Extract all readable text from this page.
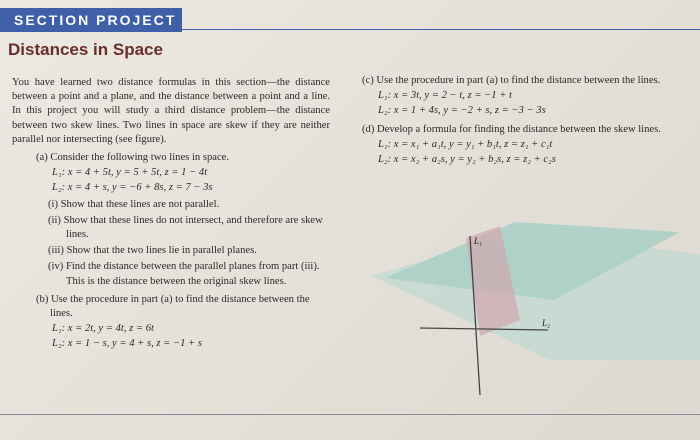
SECTION PROJECT
Distances in Space

You have learned two distance formulas in this section—the distance between a point and a plane, and the distance between a point and a line. In this project you will study a third distance problem—the distance between two skew lines. Two lines in space are skew if they are neither parallel nor intersecting (see figure).

(a) Consider the following two lines in space.

L₁: x = 4 + 5t, y = 5 + 5t, z = 1 − 4t

L₂: x = 4 + s, y = −6 + 8s, z = 7 − 3s

(i) Show that these lines are not parallel.

(ii) Show that these lines do not intersect, and therefore are skew lines.

(iii) Show that the two lines lie in parallel planes.

(iv) Find the distance between the parallel planes from part (iii). This is the distance between the original skew lines.

(b) Use the procedure in part (a) to find the distance between the lines.

L₁: x = 2t, y = 4t, z = 6t

L₂: x = 1 − s, y = 4 + s, z = −1 + s

(c) Use the procedure in part (a) to find the distance between the lines.

L₁: x = 3t, y = 2 − t, z = −1 + t

L₂: x = 1 + 4s, y = −2 + s, z = −3 − 3s

(d) Develop a formula for finding the distance between the skew lines.

L₁: x = x₁ + a₁t, y = y₁ + b₁t, z = z₁ + c₁t

L₂: x = x₂ + a₂s, y = y₂ + b₂s, z = z₂ + c₂s

L₁
L₂
